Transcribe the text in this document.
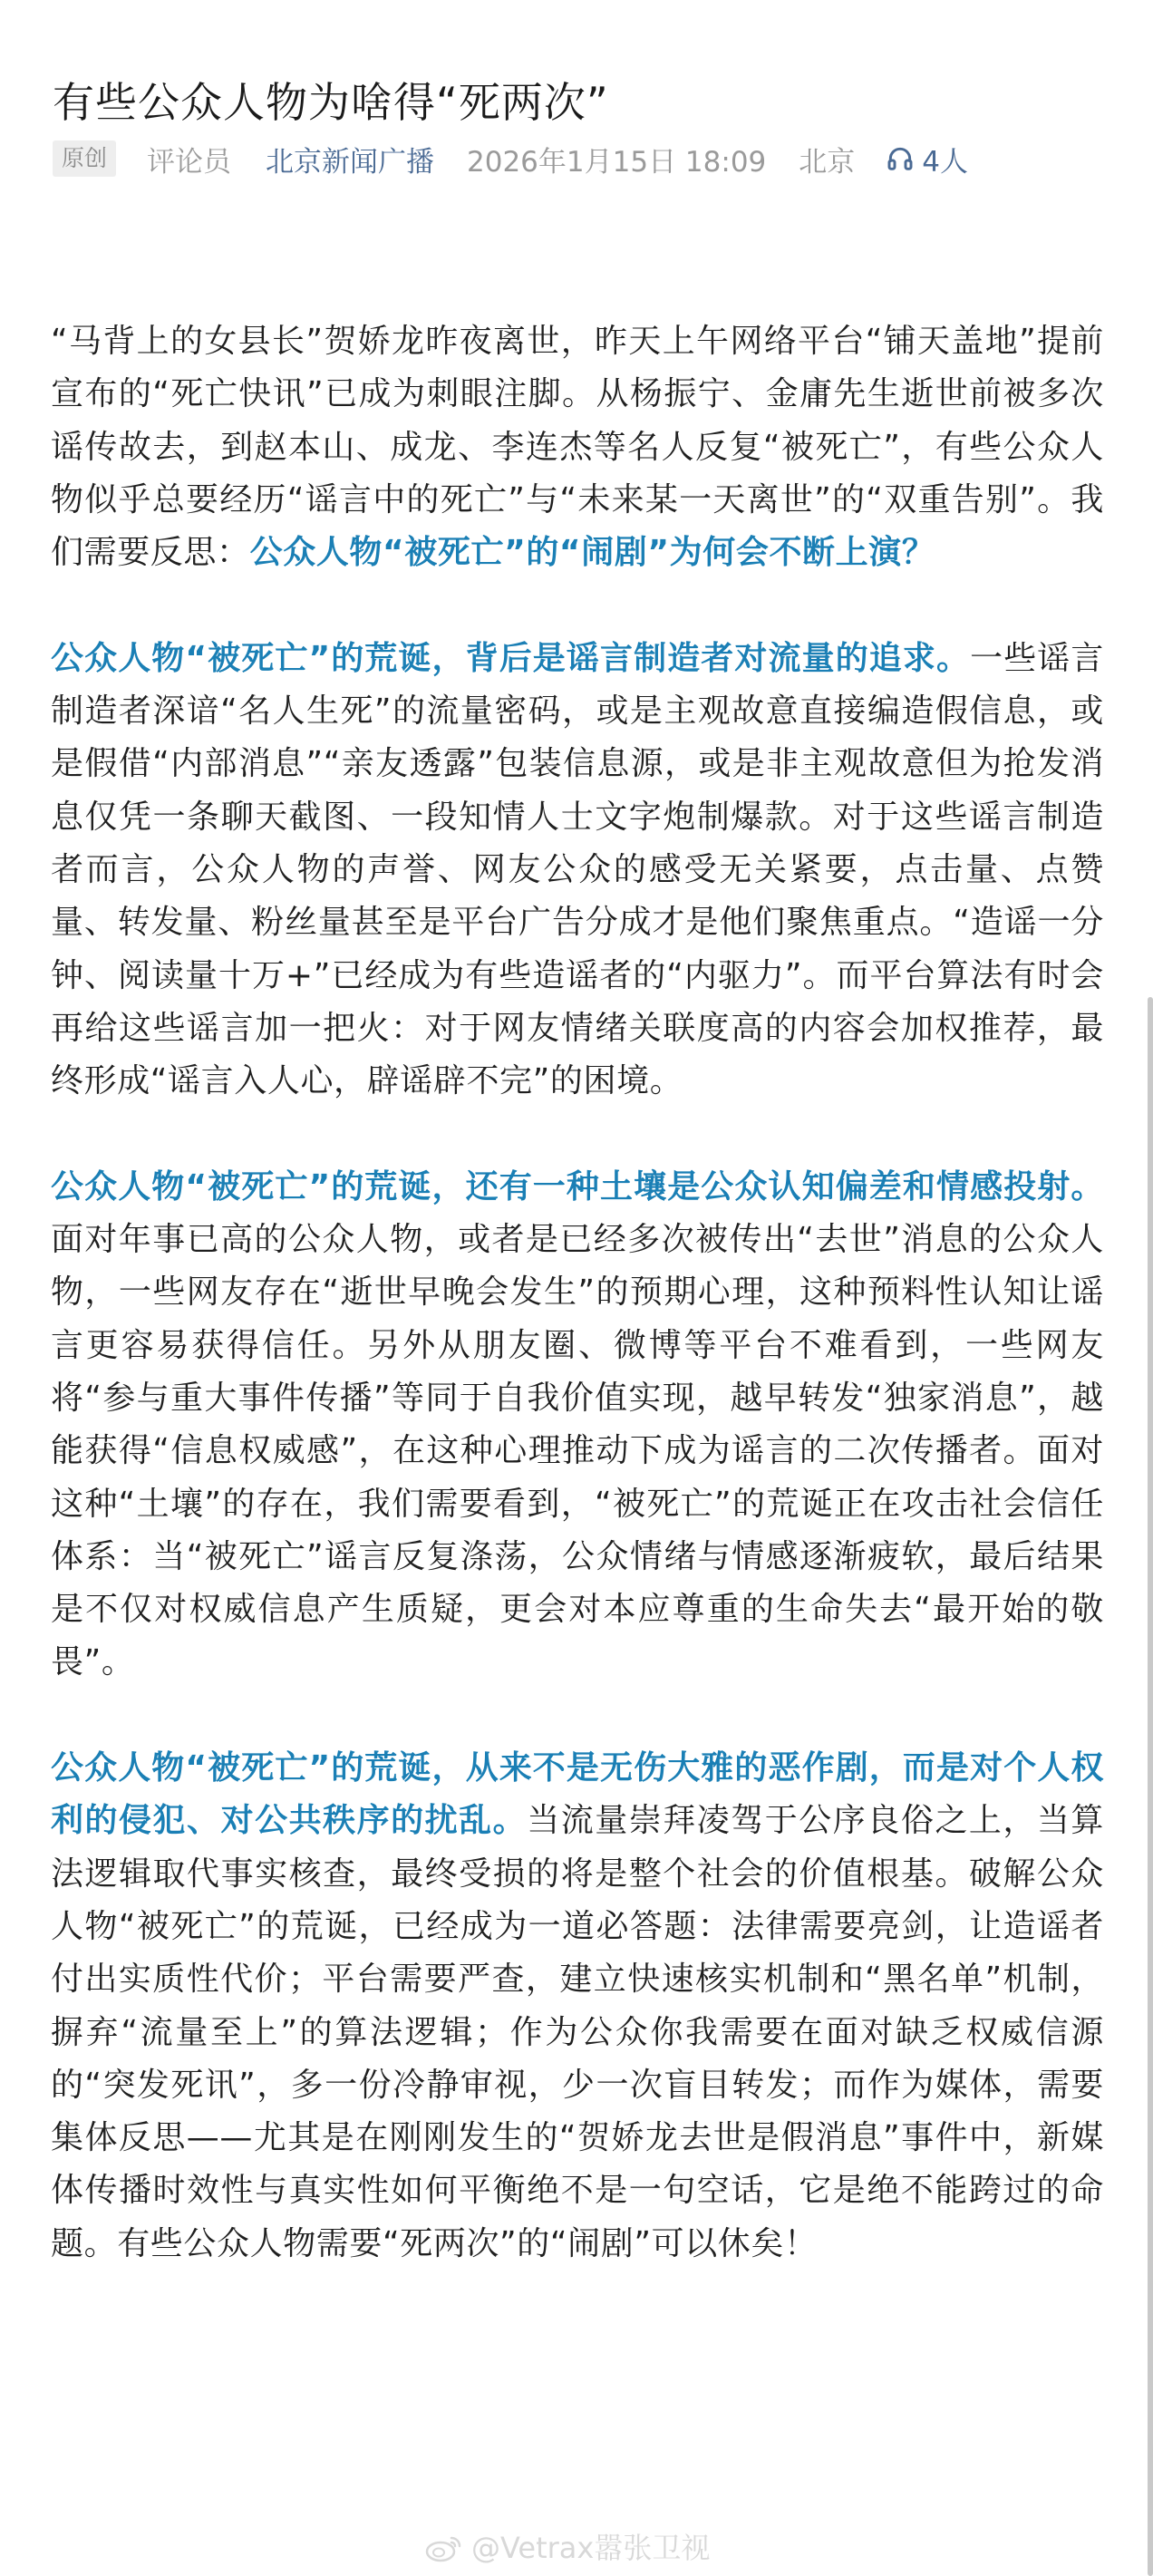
有些公众人物为啥得“死两次”
原创	评论员 北京新闻广播 2026年1月15日 18:09 北京 4人

“马背上的女县长”贺娇龙昨夜离世，昨天上午网络平台“铺天盖地”提前宣布的“死亡快讯”已成为刺眼注脚。从杨振宁、金庸先生逝世前被多次谣传故去，到赵本山、成龙、李连杰等名人反复“被死亡”，有些公众人物似乎总要经历“谣言中的死亡”与“未来某一天离世”的“双重告别”。我们需要反思：公众人物“被死亡”的“闹剧”为何会不断上演？

公众人物“被死亡”的荒诞，背后是谣言制造者对流量的追求。一些谣言制造者深谙“名人生死”的流量密码，或是主观故意直接编造假信息，或是假借“内部消息”“亲友透露”包装信息源，或是非主观故意但为抢发消息仅凭一条聊天截图、一段知情人士文字炮制爆款。对于这些谣言制造者而言，公众人物的声誉、网友公众的感受无关紧要，点击量、点赞量、转发量、粉丝量甚至是平台广告分成才是他们聚焦重点。“造谣一分钟、阅读量十万+”已经成为有些造谣者的“内驱力”。而平台算法有时会再给这些谣言加一把火：对于网友情绪关联度高的内容会加权推荐，最终形成“谣言入人心，辟谣辟不完”的困境。

公众人物“被死亡”的荒诞，还有一种土壤是公众认知偏差和情感投射。面对年事已高的公众人物，或者是已经多次被传出“去世”消息的公众人物，一些网友存在“逝世早晚会发生”的预期心理，这种预料性认知让谣言更容易获得信任。另外从朋友圈、微博等平台不难看到，一些网友将“参与重大事件传播”等同于自我价值实现，越早转发“独家消息”，越能获得“信息权威感”，在这种心理推动下成为谣言的二次传播者。面对这种“土壤”的存在，我们需要看到，“被死亡”的荒诞正在攻击社会信任体系：当“被死亡”谣言反复涤荡，公众情绪与情感逐渐疲软，最后结果是不仅对权威信息产生质疑，更会对本应尊重的生命失去“最开始的敬畏”。

公众人物“被死亡”的荒诞，从来不是无伤大雅的恶作剧，而是对个人权利的侵犯、对公共秩序的扰乱。当流量崇拜凌驾于公序良俗之上，当算法逻辑取代事实核查，最终受损的将是整个社会的价值根基。破解公众人物“被死亡”的荒诞，已经成为一道必答题：法律需要亮剑，让造谣者付出实质性代价；平台需要严查，建立快速核实机制和“黑名单”机制，摒弃“流量至上”的算法逻辑；作为公众你我需要在面对缺乏权威信源的“突发死讯”，多一份冷静审视，少一次盲目转发；而作为媒体，需要集体反思——尤其是在刚刚发生的“贺娇龙去世是假消息”事件中，新媒体传播时效性与真实性如何平衡绝不是一句空话，它是绝不能跨过的命题。有些公众人物需要“死两次”的“闹剧”可以休矣！

@Vetrax嚣张卫视
